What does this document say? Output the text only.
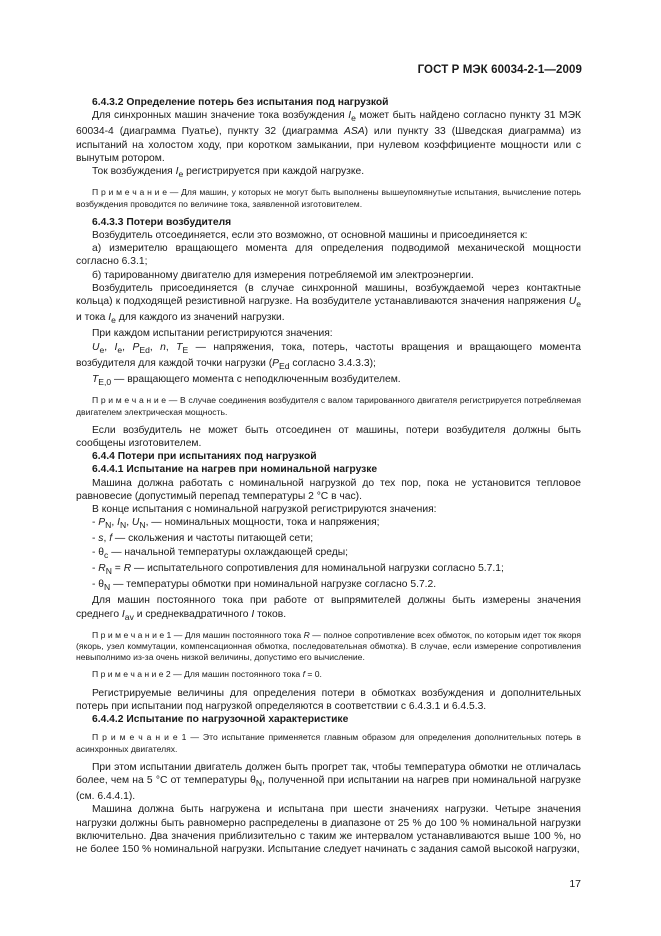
ГОСТ Р МЭК 60034-2-1—2009

6.4.3.2 Определение потерь без испытания под нагрузкой

Для синхронных машин значение тока возбуждения $I_e$ может быть найдено согласно пункту 31 МЭК 60034-4 (диаграмма Пуатье), пункту 32 (диаграмма ASA) или пункту 33 (Шведская диаграмма) из испытаний на холостом ходу, при коротком замыкании, при нулевом коэффициенте мощности или с вынутым ротором.

Ток возбуждения $I_e$ регистрируется при каждой нагрузке.

П р и м е ч а н и е — Для машин, у которых не могут быть выполнены вышеупомянутые испытания, вычисление потерь возбуждения проводится по величине тока, заявленной изготовителем.

6.4.3.3 Потери возбудителя

Возбудитель отсоединяется, если это возможно, от основной машины и присоединяется к:

а) измерителю вращающего момента для определения подводимой механической мощности согласно 6.3.1;

б) тарированному двигателю для измерения потребляемой им электроэнергии.

Возбудитель присоединяется (в случае синхронной машины, возбуждаемой через контактные кольца) к подходящей резистивной нагрузке. На возбудителе устанавливаются значения напряжения $U_e$ и тока $I_e$ для каждого из значений нагрузки.

При каждом испытании регистрируются значения:

$U_e$, $I_e$, $P_{Ed}$, n, $T_E$ — напряжения, тока, потерь, частоты вращения и вращающего момента возбудителя для каждой точки нагрузки ($P_{Ed}$ согласно 3.4.3.3);

$T_{E,0}$ — вращающего момента с неподключенным возбудителем.

П р и м е ч а н и е — В случае соединения возбудителя с валом тарированного двигателя регистрируется потребляемая двигателем электрическая мощность.

Если возбудитель не может быть отсоединен от машины, потери возбудителя должны быть сообщены изготовителем.

6.4.4 Потери при испытаниях под нагрузкой

6.4.4.1 Испытание на нагрев при номинальной нагрузке

Машина должна работать с номинальной нагрузкой до тех пор, пока не установится тепловое равновесие (допустимый перепад температуры 2 °C в час).

В конце испытания с номинальной нагрузкой регистрируются значения:

- $P_N$, $I_N$, $U_N$, — номинальных мощности, тока и напряжения;

- s, f — скольжения и частоты питающей сети;

- $\theta_c$ — начальной температуры охлаждающей среды;

- $R_N = R$ — испытательного сопротивления для номинальной нагрузки согласно 5.7.1;

- $\theta_N$ — температуры обмотки при номинальной нагрузке согласно 5.7.2.

Для машин постоянного тока при работе от выпрямителей должны быть измерены значения среднего $I_{av}$ и среднеквадратичного I токов.

П р и м е ч а н и е 1 — Для машин постоянного тока R — полное сопротивление всех обмоток, по которым идет ток якоря (якорь, узел коммутации, компенсационная обмотка, последовательная обмотка). В случае, если измерение сопротивления невыполнимо из-за очень низкой величины, допустимо его вычисление.

П р и м е ч а н и е 2 — Для машин постоянного тока f = 0.

Регистрируемые величины для определения потери в обмотках возбуждения и дополнительных потерь при испытании под нагрузкой определяются в соответствии с 6.4.3.1 и 6.4.5.3.

6.4.4.2 Испытание по нагрузочной характеристике

П р и м е ч а н и е 1 — Это испытание применяется главным образом для определения дополнительных потерь в асинхронных двигателях.

При этом испытании двигатель должен быть прогрет так, чтобы температура обмотки не отличалась более, чем на 5 °C от температуры $\theta_N$, полученной при испытании на нагрев при номинальной нагрузке (см. 6.4.4.1).

Машина должна быть нагружена и испытана при шести значениях нагрузки. Четыре значения нагрузки должны быть равномерно распределены в диапазоне от 25 % до 100 % номинальной нагрузки включительно. Два значения приблизительно с таким же интервалом устанавливаются выше 100 %, но не более 150 % номинальной нагрузки. Испытание следует начинать с задания самой высокой нагрузки,

17
